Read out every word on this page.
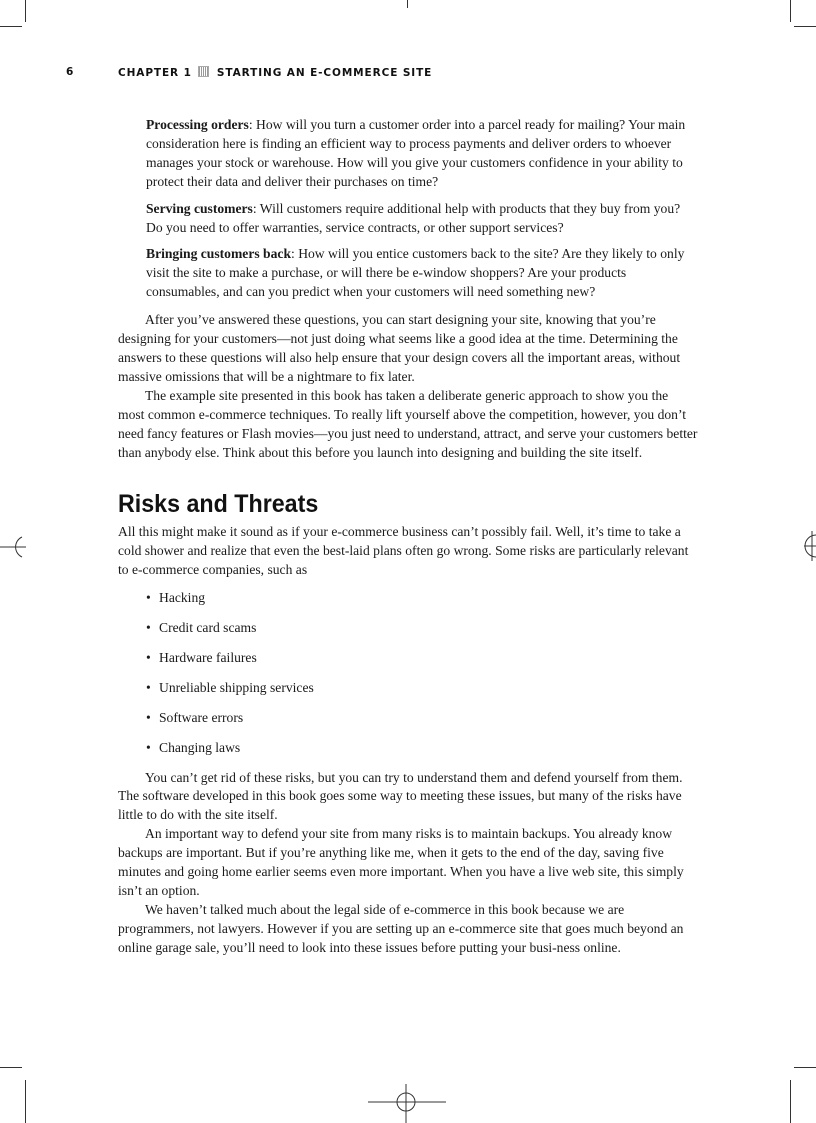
6	CHAPTER 1 STARTING AN E-COMMERCE SITE

Processing orders: How will you turn a customer order into a parcel ready for mailing? Your main consideration here is finding an efficient way to process payments and deliver orders to whoever manages your stock or warehouse. How will you give your customers confidence in your ability to protect their data and deliver their purchases on time?

Serving customers: Will customers require additional help with products that they buy from you? Do you need to offer warranties, service contracts, or other support services?

Bringing customers back: How will you entice customers back to the site? Are they likely to only visit the site to make a purchase, or will there be e-window shoppers? Are your products consumables, and can you predict when your customers will need something new?

After you’ve answered these questions, you can start designing your site, knowing that you’re designing for your customers—not just doing what seems like a good idea at the time. Determining the answers to these questions will also help ensure that your design covers all the important areas, without massive omissions that will be a nightmare to fix later.

The example site presented in this book has taken a deliberate generic approach to show you the most common e-commerce techniques. To really lift yourself above the competition, however, you don’t need fancy features or Flash movies—you just need to understand, attract, and serve your customers better than anybody else. Think about this before you launch into designing and building the site itself.

Risks and Threats

All this might make it sound as if your e-commerce business can’t possibly fail. Well, it’s time to take a cold shower and realize that even the best-laid plans often go wrong. Some risks are particularly relevant to e-commerce companies, such as

• Hacking
• Credit card scams
• Hardware failures
• Unreliable shipping services
• Software errors
• Changing laws

You can’t get rid of these risks, but you can try to understand them and defend yourself from them. The software developed in this book goes some way to meeting these issues, but many of the risks have little to do with the site itself.

An important way to defend your site from many risks is to maintain backups. You already know backups are important. But if you’re anything like me, when it gets to the end of the day, saving five minutes and going home earlier seems even more important. When you have a live web site, this simply isn’t an option.

We haven’t talked much about the legal side of e-commerce in this book because we are programmers, not lawyers. However if you are setting up an e-commerce site that goes much beyond an online garage sale, you’ll need to look into these issues before putting your busi-ness online.
